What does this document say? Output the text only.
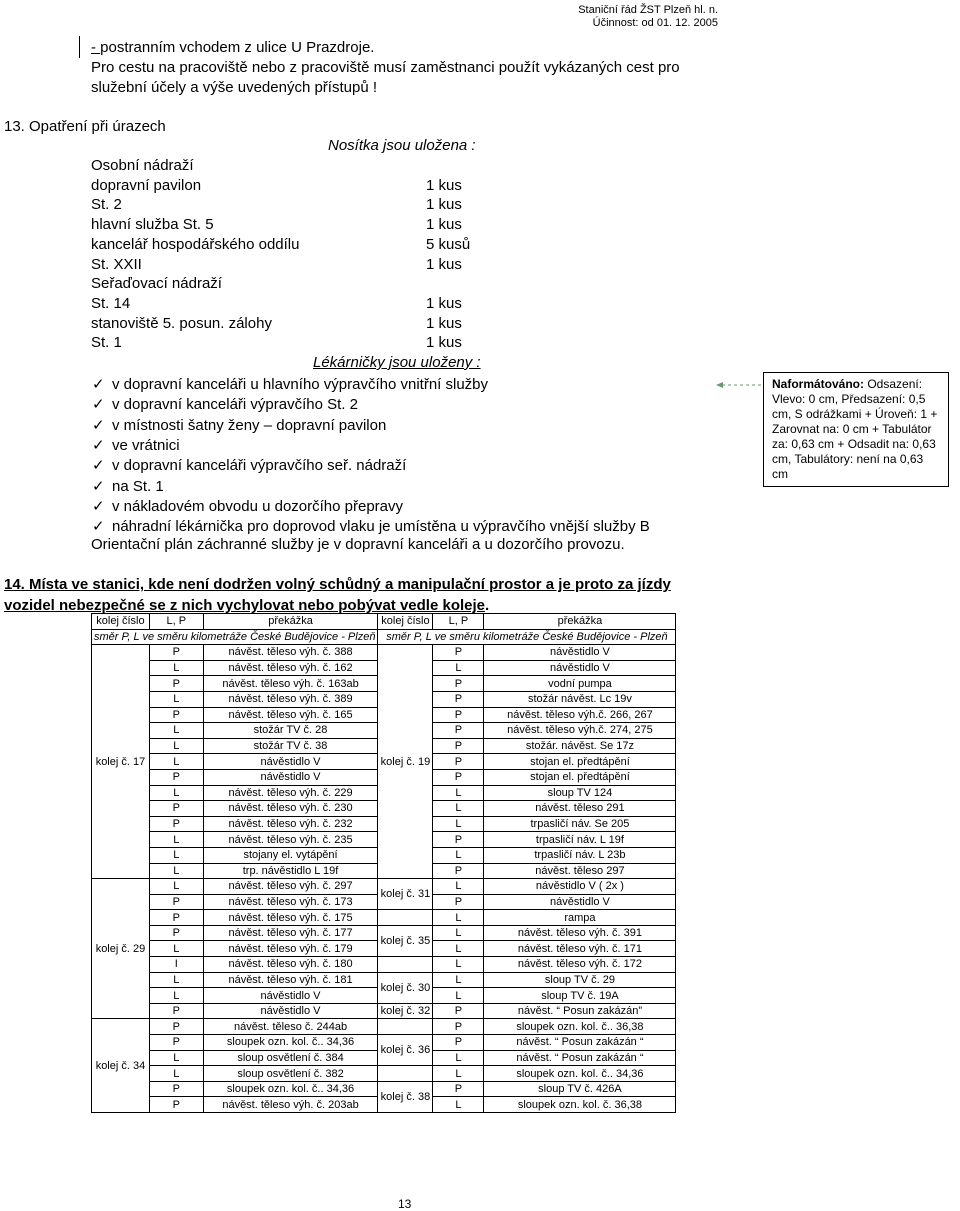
Staniční řád ŽST Plzeň hl. n.
Účinnost: od 01. 12. 2005
- postranním vchodem z ulice U Prazdroje.
Pro cestu na pracoviště nebo z pracoviště musí zaměstnanci použít vykázaných cest pro služební účely a výše uvedených přístupů !
13. Opatření při úrazech
Nosítka jsou uložena :
Osobní nádraží
dopravní pavilon	1 kus
St. 2	1 kus
hlavní služba St. 5	1 kus
kancelář hospodářského oddílu	5 kusů
St. XXII	1 kus
Seřaďovací nádraží
St. 14	1 kus
stanoviště 5. posun. zálohy	1 kus
St. 1	1 kus
Lékárničky jsou uloženy :
✓ v dopravní kanceláři u hlavního výpravčího vnitřní služby
✓ v dopravní kanceláři výpravčího St. 2
✓ v místnosti šatny ženy – dopravní pavilon
✓ ve vrátnici
✓ v dopravní kanceláři výpravčího seř. nádraží
✓ na St. 1
✓ v nákladovém obvodu u dozorčího přepravy
✓ náhradní lékárnička pro doprovod vlaku je umístěna u výpravčího vnější služby B
Orientační plán záchranné služby je v dopravní kanceláři a u dozorčího provozu.
Naformátováno: Odsazení: Vlevo: 0 cm, Předsazení: 0,5 cm, S odrážkami + Úroveň: 1 + Zarovnat na: 0 cm + Tabulátor za: 0,63 cm + Odsadit na: 0,63 cm, Tabulátory: není na 0,63 cm
14. Místa ve stanici, kde není dodržen volný schůdný a manipulační prostor a je proto za jízdy vozidel nebezpečné se z nich vychylovat nebo pobývat vedle koleje.
kolej číslo	L, P	překážka	kolej číslo	L, P	překážka
směr P, L ve směru kilometráže České Budějovice - Plzeň			směr P, L ve směru kilometráže České Budějovice - Plzeň		
kolej č. 17	P	návěst. těleso výh. č. 388	kolej č. 19	P	návěstidlo V
	L	návěst. těleso výh. č. 162		L	návěstidlo V
	P	návěst. těleso výh. č. 163ab		P	vodní pumpa
	L	návěst. těleso výh. č. 389		P	stožár návěst. Lc 19v
	P	návěst. těleso výh. č. 165		P	návěst. těleso výh.č. 266, 267
	L	stožár TV č. 28		P	návěst. těleso výh.č. 274, 275
	L	stožár TV č. 38		P	stožár. návěst. Se 17z
	L	návěstidlo V		P	stojan el. předtápění
	P	návěstidlo V		P	stojan el. předtápění
	L	návěst. těleso výh. č. 229		L	sloup TV 124
	P	návěst. těleso výh. č. 230		L	návěst. těleso 291
	P	návěst. těleso výh. č. 232		L	trpasličí náv. Se 205
	L	návěst. těleso výh. č. 235		P	trpasličí náv. L 19f
	L	stojany el. vytápění		L	trpasličí náv. L 23b
	L	trp. návěstidlo L 19f		P	návěst. těleso 297
kolej č. 29	L	návěst. těleso výh. č. 297	kolej č. 31	L	návěstidlo V ( 2x )
	P	návěst. těleso výh. č. 173		P	návěstidlo V
	P	návěst. těleso výh. č. 175		L	rampa
	P	návěst. těleso výh. č. 177	kolej č. 35	L	návěst. těleso výh. č. 391
	L	návěst. těleso výh. č. 179		L	návěst. těleso výh. č. 171
	I	návěst. těleso výh. č. 180		L	návěst. těleso výh. č. 172
	L	návěst. těleso výh. č. 181	kolej č. 30	L	sloup TV č. 29
	L	návěstidlo V		L	sloup TV č. 19A
	P	návěstidlo V	kolej č. 32	P	návěst. “ Posun zakázán”
kolej č. 34	P	návěst. těleso č. 244ab		P	sloupek ozn. kol. č.. 36,38
	P	sloupek ozn. kol. č.. 34,36	kolej č. 36	P	návěst. “ Posun zakázán “
	L	sloup osvětlení č. 384		L	návěst. “ Posun zakázán “
	L	sloup osvětlení č. 382		L	sloupek ozn. kol. č.. 34,36
	P	sloupek ozn. kol. č.. 34,36	kolej č. 38	P	sloup TV č. 426A
	P	návěst. těleso výh. č. 203ab		L	sloupek ozn. kol. č. 36,38
13
